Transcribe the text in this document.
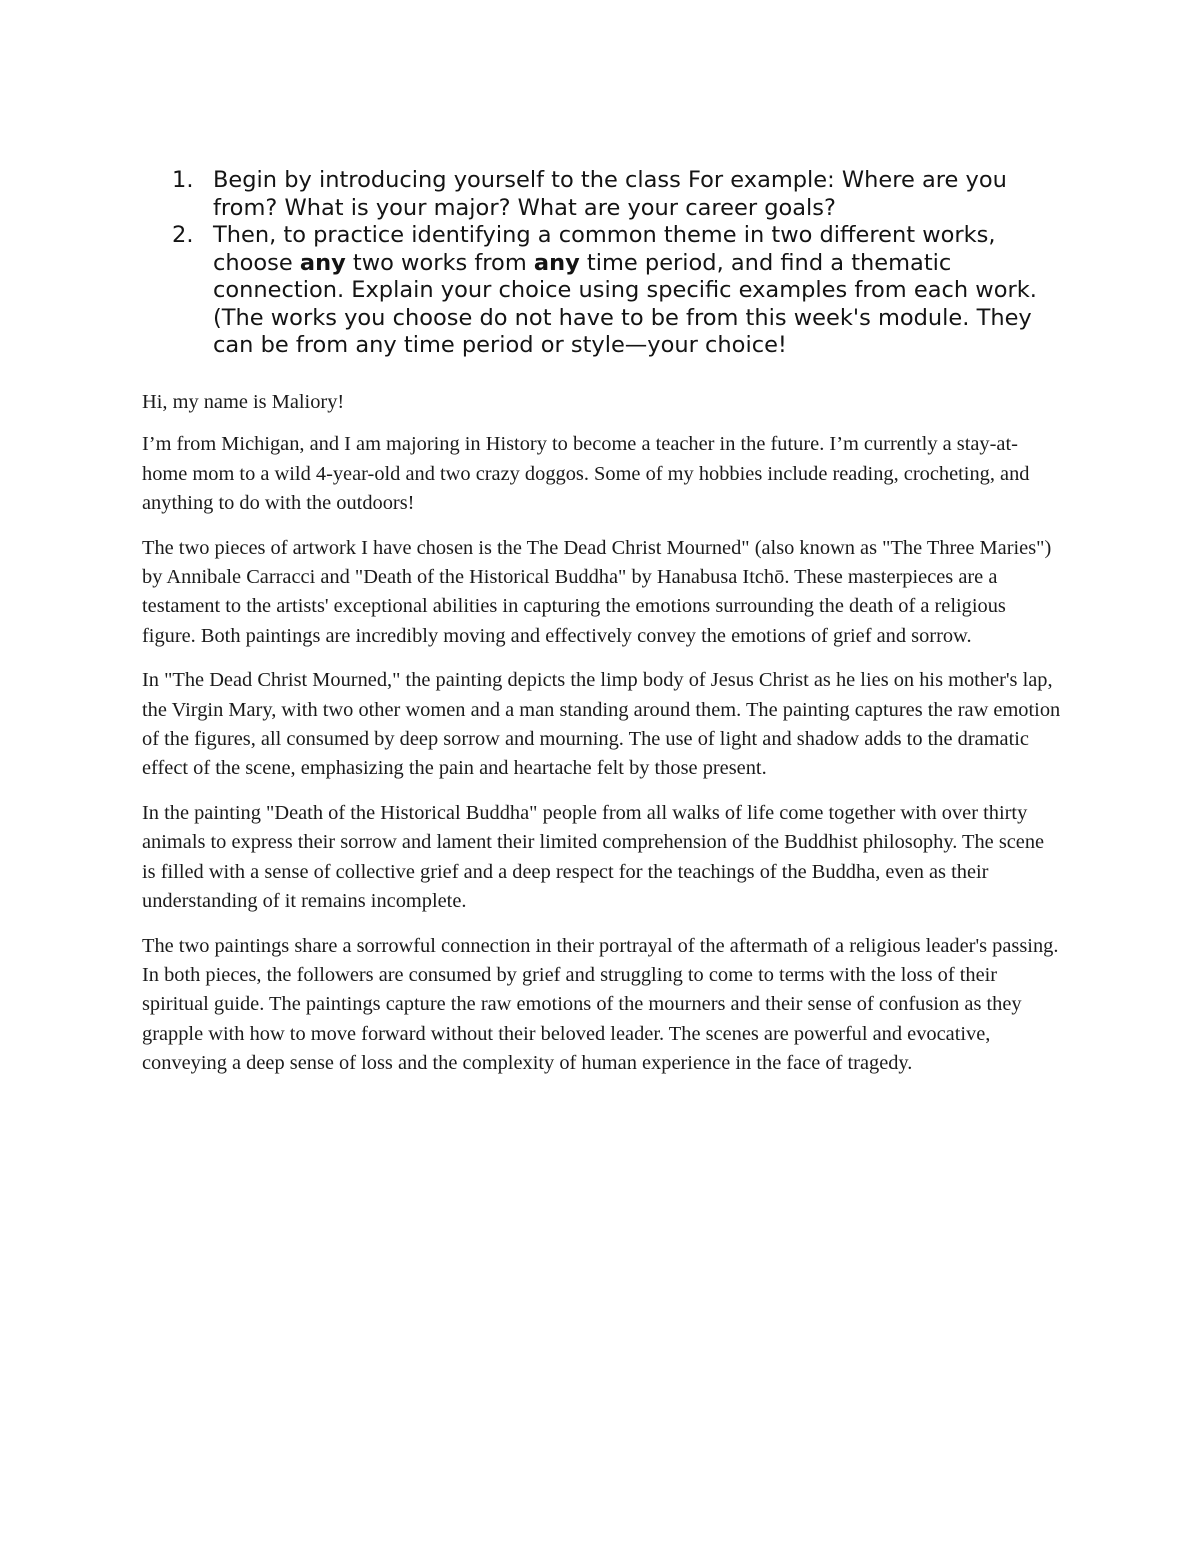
1. Begin by introducing yourself to the class For example: Where are you from? What is your major? What are your career goals?
2. Then, to practice identifying a common theme in two different works, choose any two works from any time period, and find a thematic connection. Explain your choice using specific examples from each work. (The works you choose do not have to be from this week's module. They can be from any time period or style—your choice!

Hi, my name is Maliory!

I’m from Michigan, and I am majoring in History to become a teacher in the future. I’m currently a stay-at-home mom to a wild 4-year-old and two crazy doggos. Some of my hobbies include reading, crocheting, and anything to do with the outdoors!

The two pieces of artwork I have chosen is the The Dead Christ Mourned" (also known as "The Three Maries") by Annibale Carracci and "Death of the Historical Buddha" by Hanabusa Itchō. These masterpieces are a testament to the artists' exceptional abilities in capturing the emotions surrounding the death of a religious figure. Both paintings are incredibly moving and effectively convey the emotions of grief and sorrow.

In "The Dead Christ Mourned," the painting depicts the limp body of Jesus Christ as he lies on his mother's lap, the Virgin Mary, with two other women and a man standing around them. The painting captures the raw emotion of the figures, all consumed by deep sorrow and mourning. The use of light and shadow adds to the dramatic effect of the scene, emphasizing the pain and heartache felt by those present.

In the painting "Death of the Historical Buddha" people from all walks of life come together with over thirty animals to express their sorrow and lament their limited comprehension of the Buddhist philosophy. The scene is filled with a sense of collective grief and a deep respect for the teachings of the Buddha, even as their understanding of it remains incomplete.

The two paintings share a sorrowful connection in their portrayal of the aftermath of a religious leader's passing. In both pieces, the followers are consumed by grief and struggling to come to terms with the loss of their spiritual guide. The paintings capture the raw emotions of the mourners and their sense of confusion as they grapple with how to move forward without their beloved leader. The scenes are powerful and evocative, conveying a deep sense of loss and the complexity of human experience in the face of tragedy.
